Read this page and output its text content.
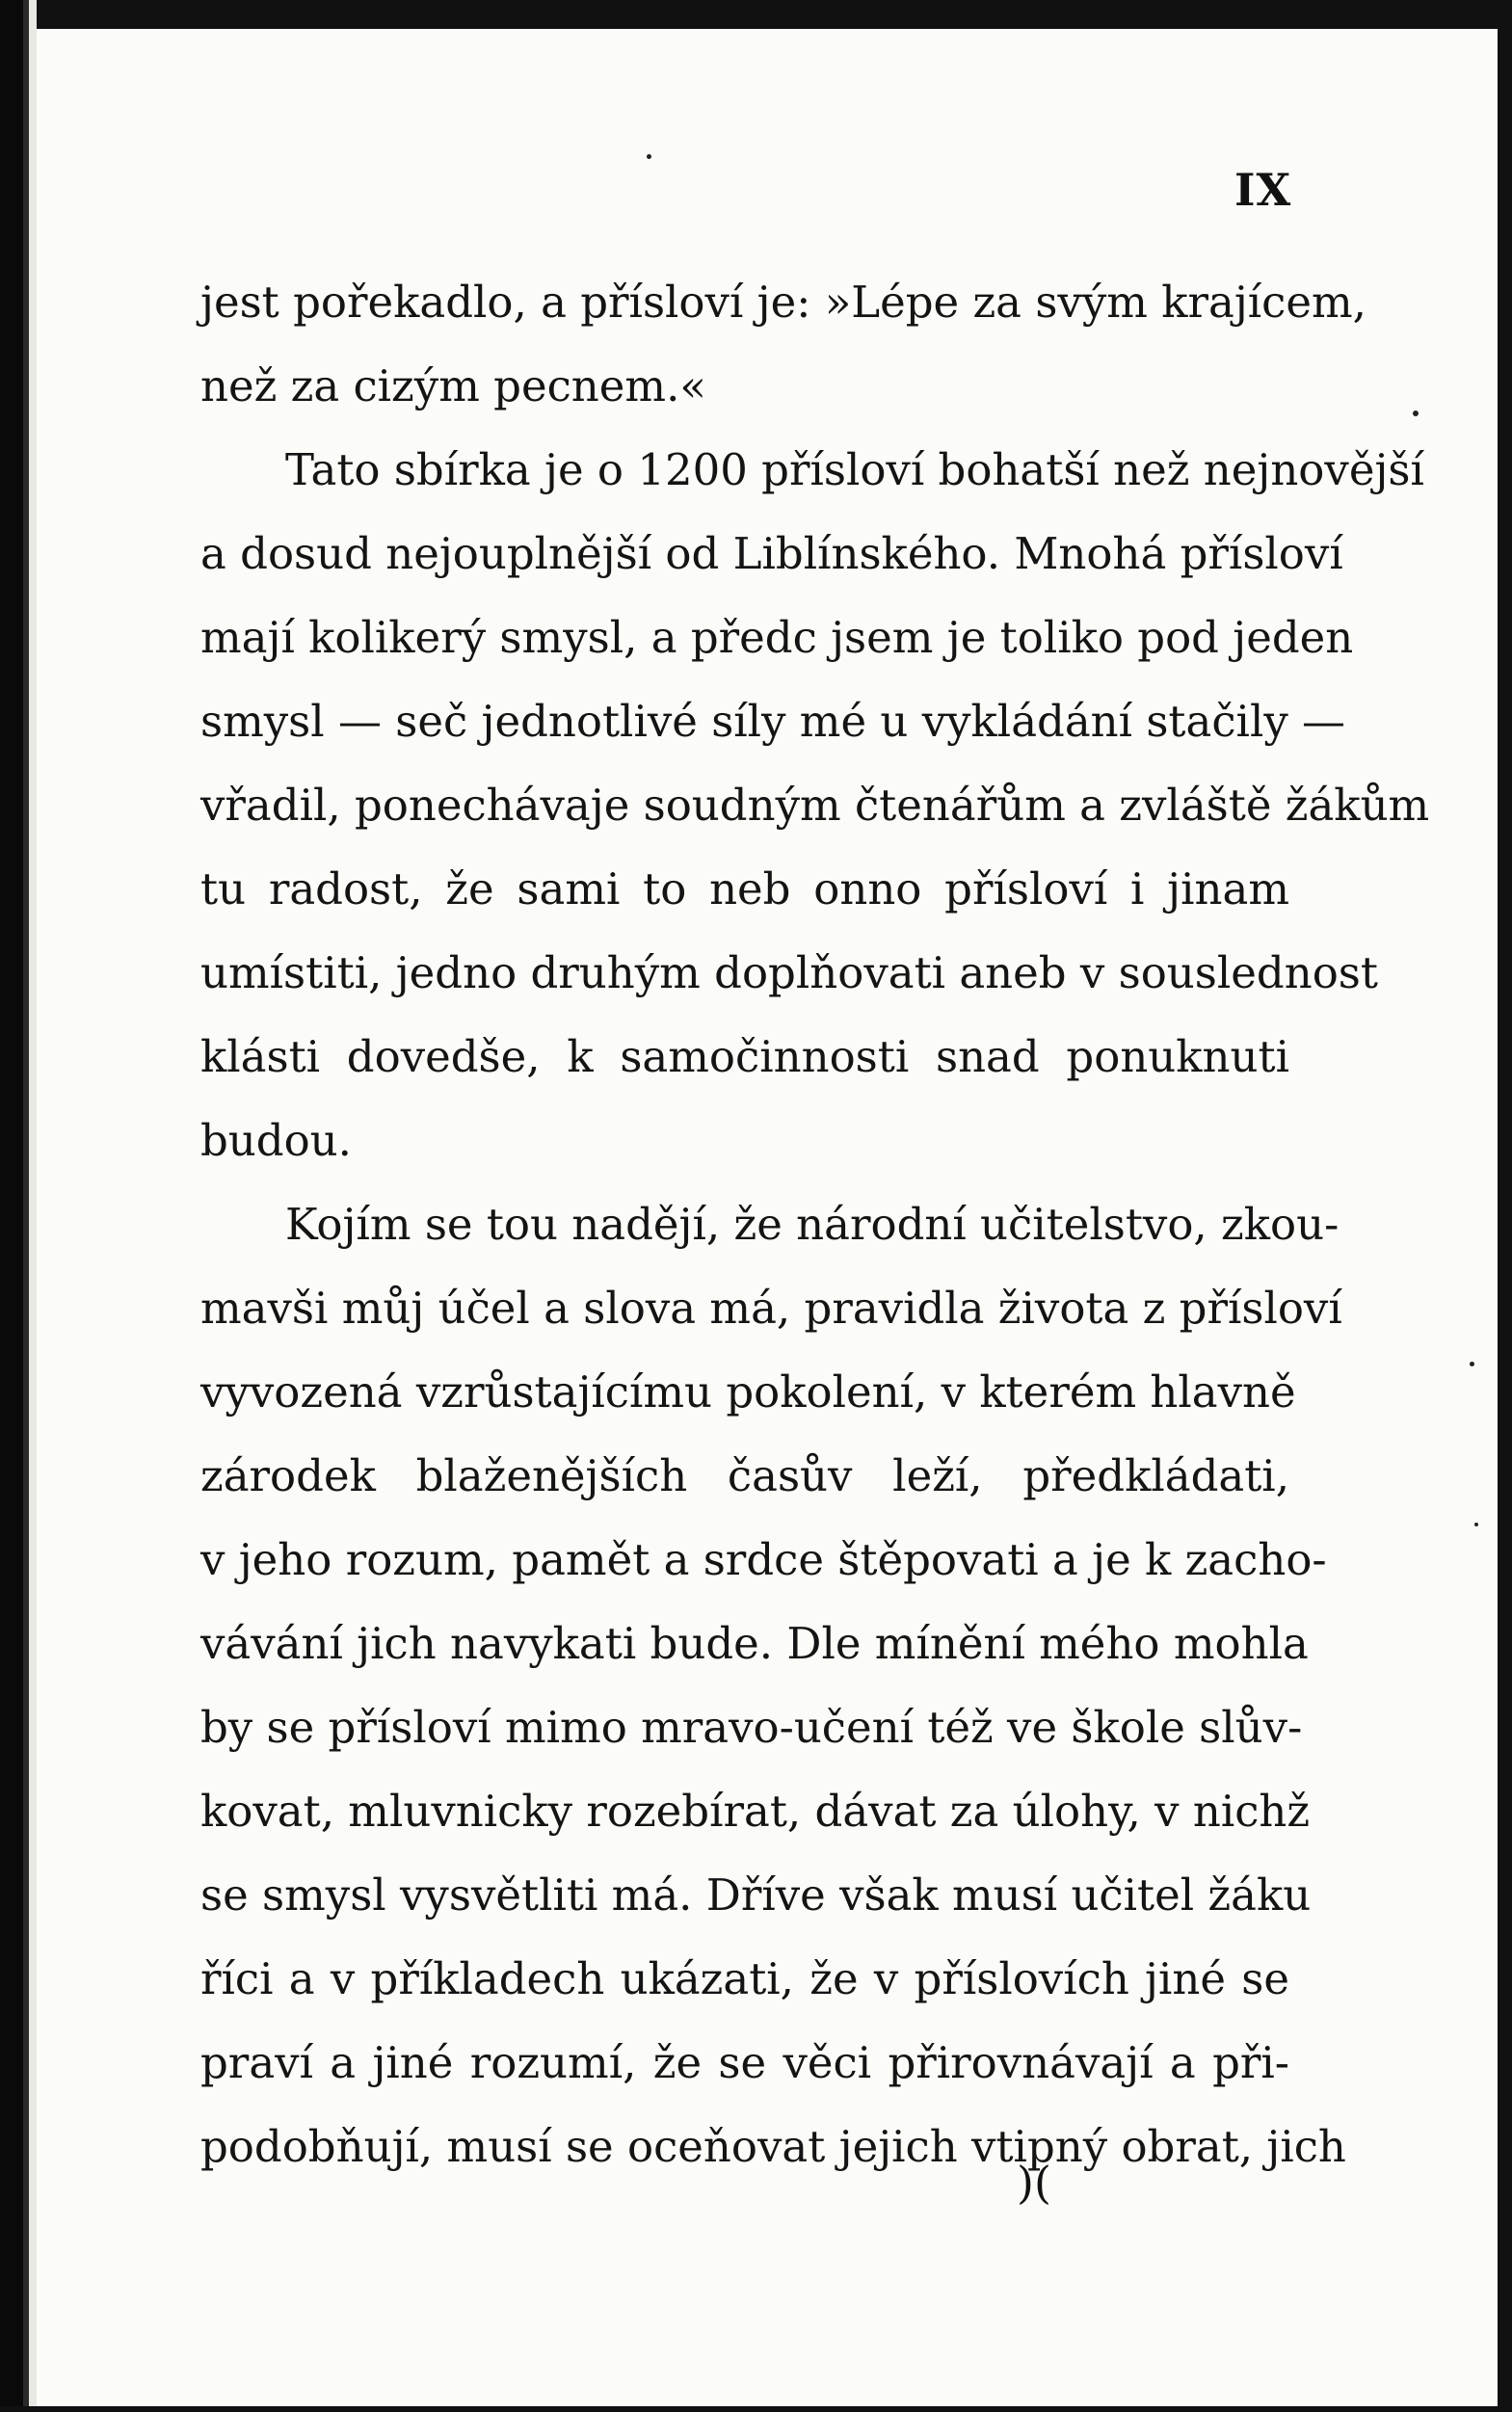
IX
jest pořekadlo, a přísloví je: »Lépe za svým krajícem,
než za cizým pecnem.«
Tato sbírka je o 1200 přísloví bohatší než nejnovější
a dosud nejouplnější od Liblínského. Mnohá přísloví
mají kolikerý smysl, a předc jsem je toliko pod jeden
smysl — seč jednotlivé síly mé u vykládání stačily —
vřadil, ponechávaje soudným čtenářům a zvláště žákům
tu radost, že sami to neb onno přísloví i jinam
umístiti, jedno druhým doplňovati aneb v souslednost
klásti dovedše, k samočinnosti snad ponuknuti
budou.
Kojím se tou nadějí, že národní učitelstvo, zkou-
mavši můj účel a slova má, pravidla života z přísloví
vyvozená vzrůstajícímu pokolení, v kterém hlavně
zárodek blaženějších časův leží, předkládati,
v jeho rozum, pamět a srdce štěpovati a je k zacho-
vávání jich navykati bude. Dle mínění mého mohla
by se přísloví mimo mravo-učení též ve škole slův-
kovat, mluvnicky rozebírat, dávat za úlohy, v nichž
se smysl vysvětliti má. Dříve však musí učitel žáku
říci a v příkladech ukázati, že v příslovích jiné se
praví a jiné rozumí, že se věci přirovnávají a při-
podobňují, musí se oceňovat jejich vtipný obrat, jich
)(
